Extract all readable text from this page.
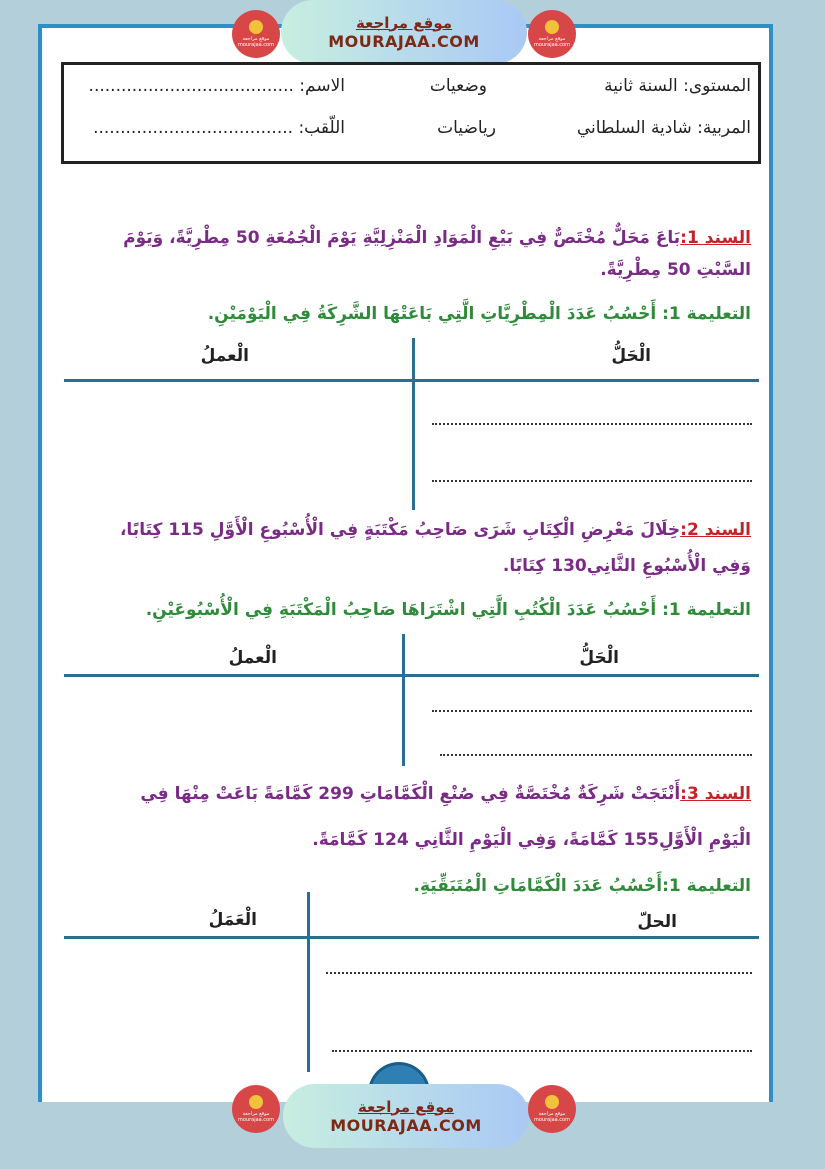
موقع مراجعة
mourajaa.com
موقع مراجعة
MOURAJAA.COM	موقع مراجعة
mourajaa.com
المستوى: السنة ثانية
وضعيات
الاسم: ......................................
المربية: شادية السلطاني
رياضيات
اللّقب: .....................................
السند 1:بَاعَ مَحَلٌّ مُخْتَصٌّ فِي بَيْعِ الْمَوَادِ الْمَنْزِلِيَّةِ يَوْمَ الْجُمُعَةِ 50 مِطْرِيَّةً، وَيَوْمَ
السَّبْتِ 50 مِطْرِيَّةً.
التعليمة 1: أَحْسُبُ عَدَدَ الْمِطْرِيَّاتِ الَّتِي بَاعَتْهَا الشَّرِكَةُ فِي الْيَوْمَيْنِ.
الْحَلُّ
الْعملُ
السند 2:خِلَالَ مَعْرِضِ الْكِتَابِ شَرَى صَاحِبُ مَكْتَبَةٍ فِي الْأُسْبُوعِ الْأَوَّلِ 115 كِتَابًا،
وَفِي الْأُسْبُوعِ الثَّانِي130 كِتَابًا.
التعليمة 1: أَحْسُبُ عَدَدَ الْكُتُبِ الَّتِي اشْتَرَاهَا صَاحِبُ الْمَكْتَبَةِ فِي الْأُسْبُوعَيْنِ.
الْحَلُّ
الْعملُ
السند 3:أَنْتَجَتْ شَرِكَةٌ مُخْتَصَّةٌ فِي صُنْعِ الْكَمَّامَاتِ 299 كَمَّامَةً بَاعَتْ مِنْهَا فِي
الْيَوْمِ الْأَوَّلِ155 كَمَّامَةً، وَفِي الْيَوْمِ الثَّانِي 124 كَمَّامَةً.
التعليمة 1:أَحْسُبُ عَدَدَ الْكَمَّامَاتِ الْمُتَبَقِّيَةِ.
الحلّ
الْعَمَلُ
موقع مراجعة
mourajaa.com
موقع مراجعة
MOURAJAA.COM
موقع مراجعة
mourajaa.com
